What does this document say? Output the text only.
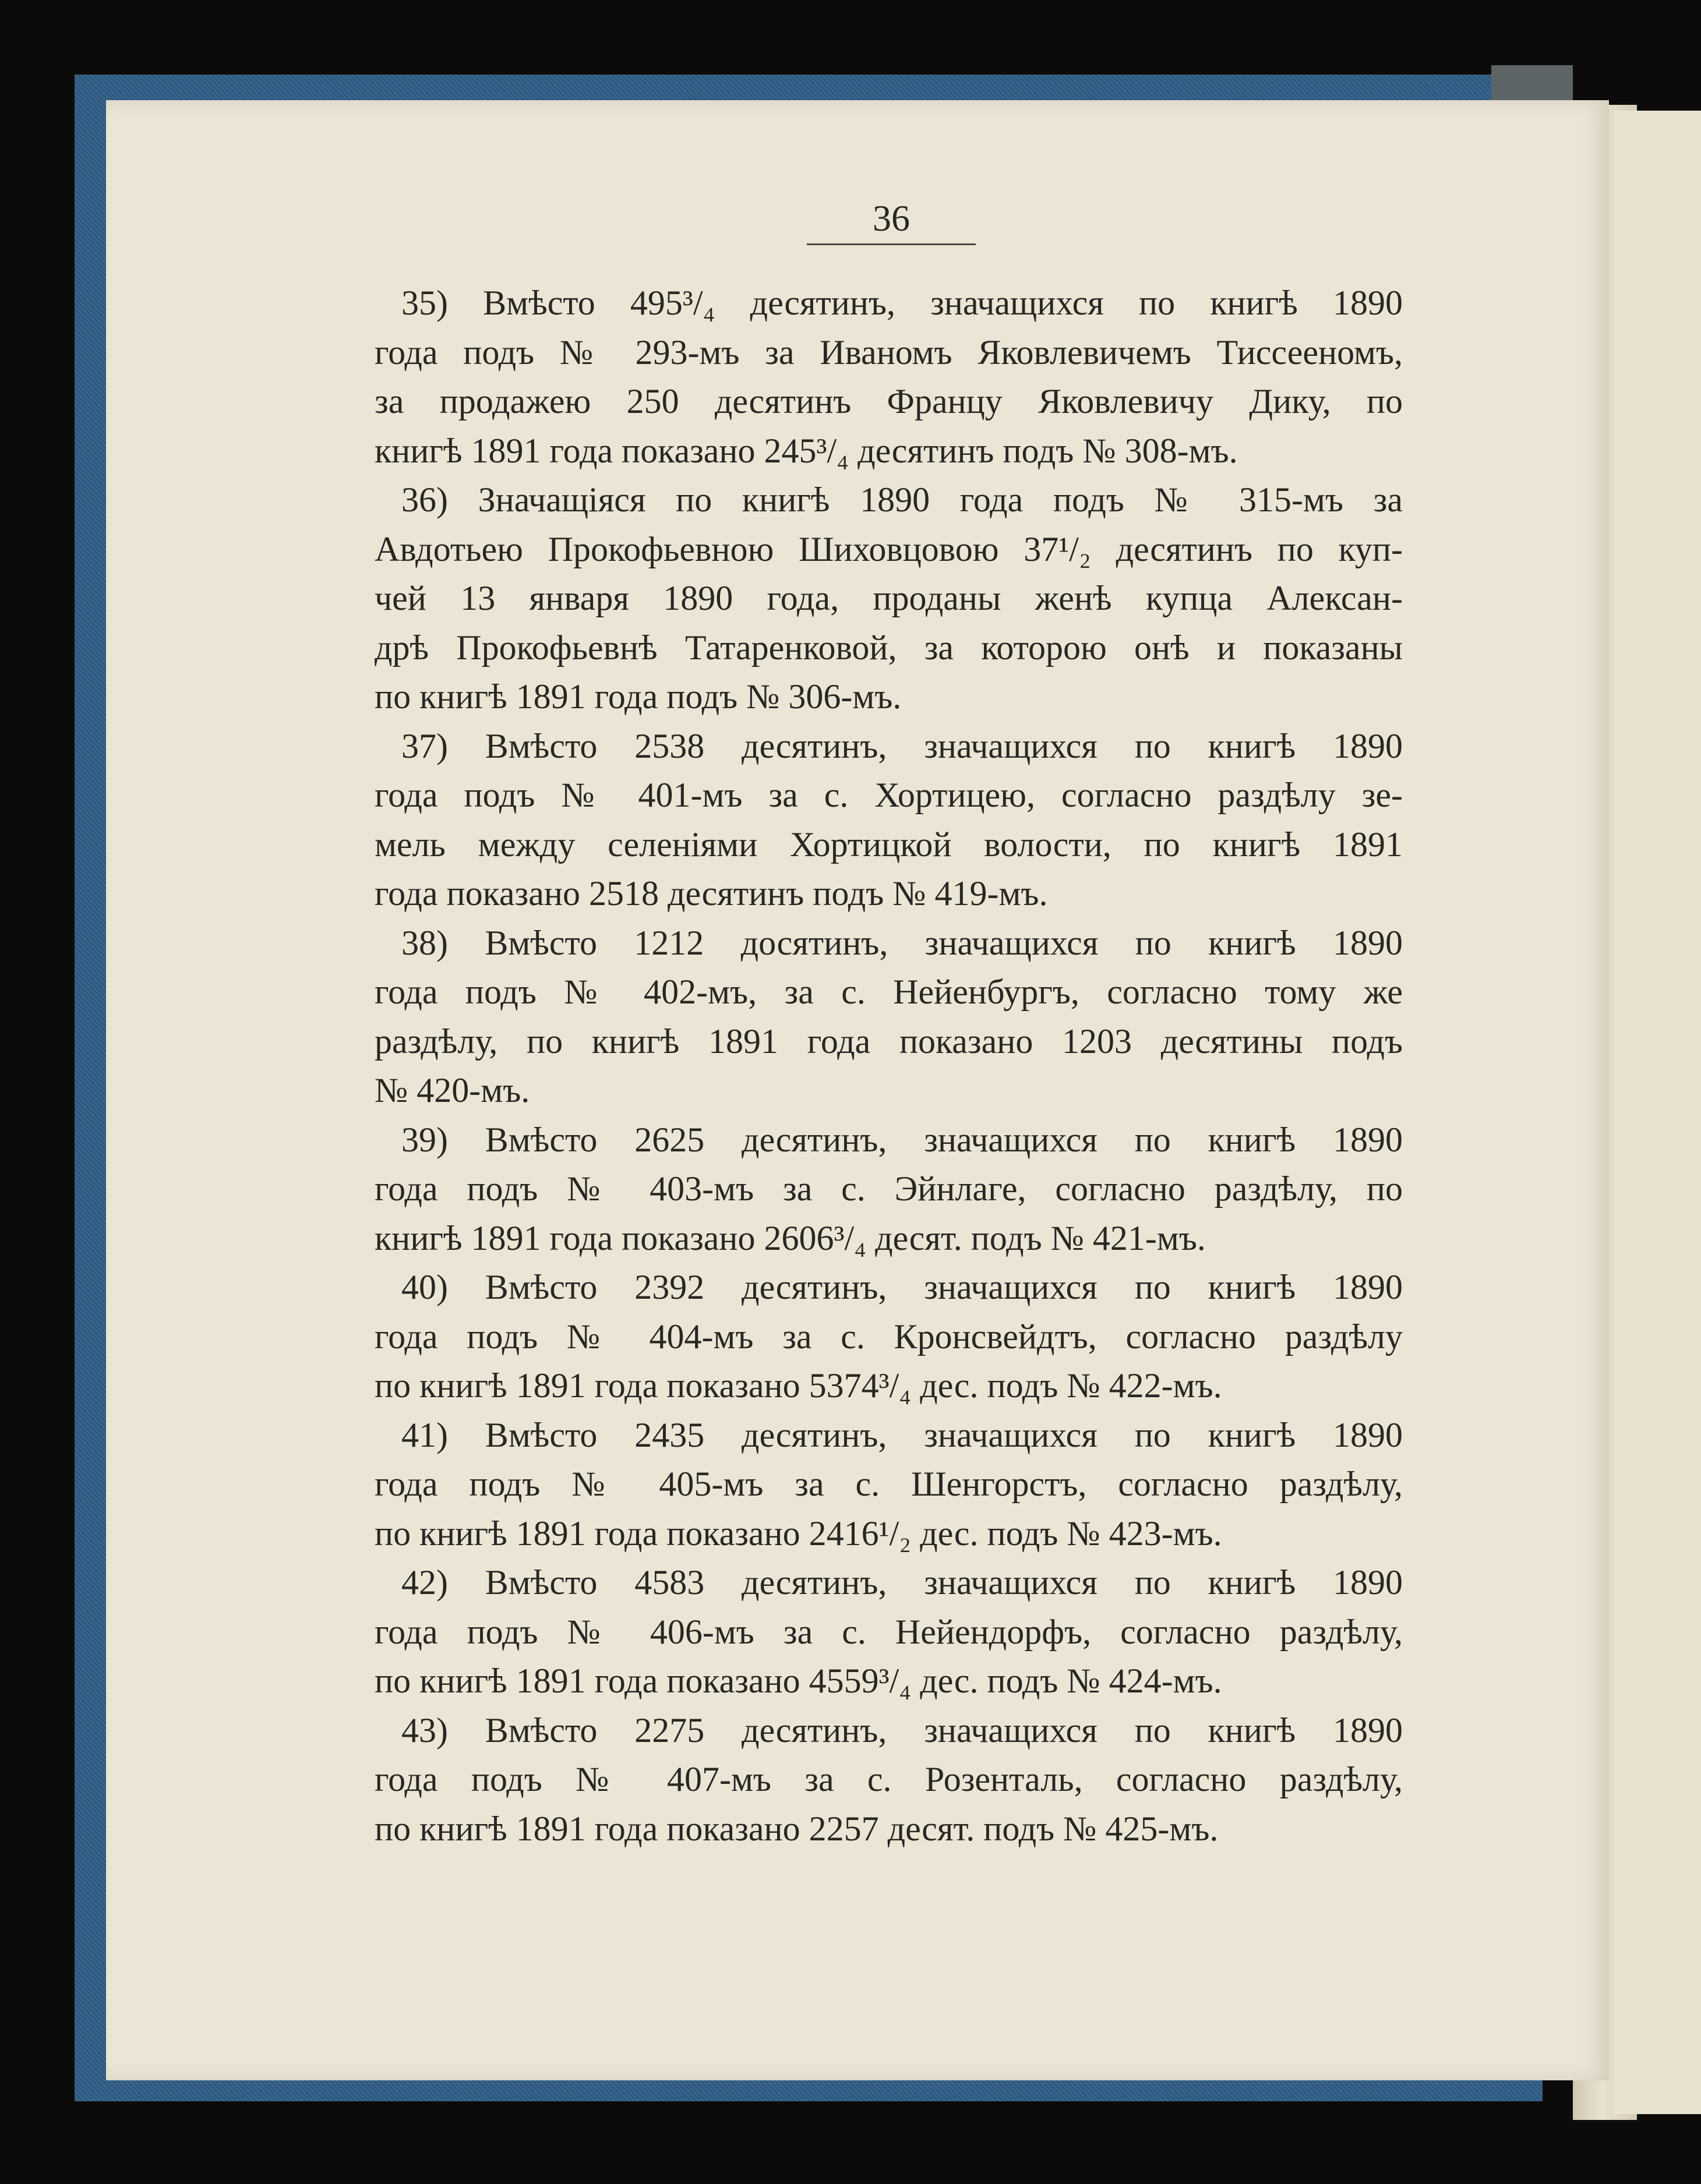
36
35) Вмѣсто 495³/₄ десятинъ, значащихся по книгѣ 1890
года подъ № 293-мъ за Иваномъ Яковлевичемъ Тиссееномъ,
за продажею 250 десятинъ Францу Яковлевичу Дику, по
книгѣ 1891 года показано 245³/₄ десятинъ подъ № 308-мъ.
36) Значащіяся по книгѣ 1890 года подъ № 315-мъ за
Авдотьею Прокофьевною Шиховцовою 37¹/₂ десятинъ по куп-
чей 13 января 1890 года, проданы женѣ купца Алексан-
дрѣ Прокофьевнѣ Татаренковой, за которою онѣ и показаны
по книгѣ 1891 года подъ № 306-мъ.
37) Вмѣсто 2538 десятинъ, значащихся по книгѣ 1890
года подъ № 401-мъ за с. Хортицею, согласно раздѣлу зе-
мель между селеніями Хортицкой волости, по книгѣ 1891
года показано 2518 десятинъ подъ № 419-мъ.
38) Вмѣсто 1212 досятинъ, значащихся по книгѣ 1890
года подъ № 402-мъ, за с. Нейенбургъ, согласно тому же
раздѣлу, по книгѣ 1891 года показано 1203 десятины подъ
№ 420-мъ.
39) Вмѣсто 2625 десятинъ, значащихся по книгѣ 1890
года подъ № 403-мъ за с. Эйнлаге, согласно раздѣлу, по
книгѣ 1891 года показано 2606³/₄ десят. подъ № 421-мъ.
40) Вмѣсто 2392 десятинъ, значащихся по книгѣ 1890
года подъ № 404-мъ за с. Кронсвейдтъ, согласно раздѣлу
по книгѣ 1891 года показано 5374³/₄ дес. подъ № 422-мъ.
41) Вмѣсто 2435 десятинъ, значащихся по книгѣ 1890
года подъ № 405-мъ за с. Шенгорстъ, согласно раздѣлу,
по книгѣ 1891 года показано 2416¹/₂ дес. подъ № 423-мъ.
42) Вмѣсто 4583 десятинъ, значащихся по книгѣ 1890
года подъ № 406-мъ за с. Нейендорфъ, согласно раздѣлу,
по книгѣ 1891 года показано 4559³/₄ дес. подъ № 424-мъ.
43) Вмѣсто 2275 десятинъ, значащихся по книгѣ 1890
года подъ № 407-мъ за с. Розенталь, согласно раздѣлу,
по книгѣ 1891 года показано 2257 десят. подъ № 425-мъ.
